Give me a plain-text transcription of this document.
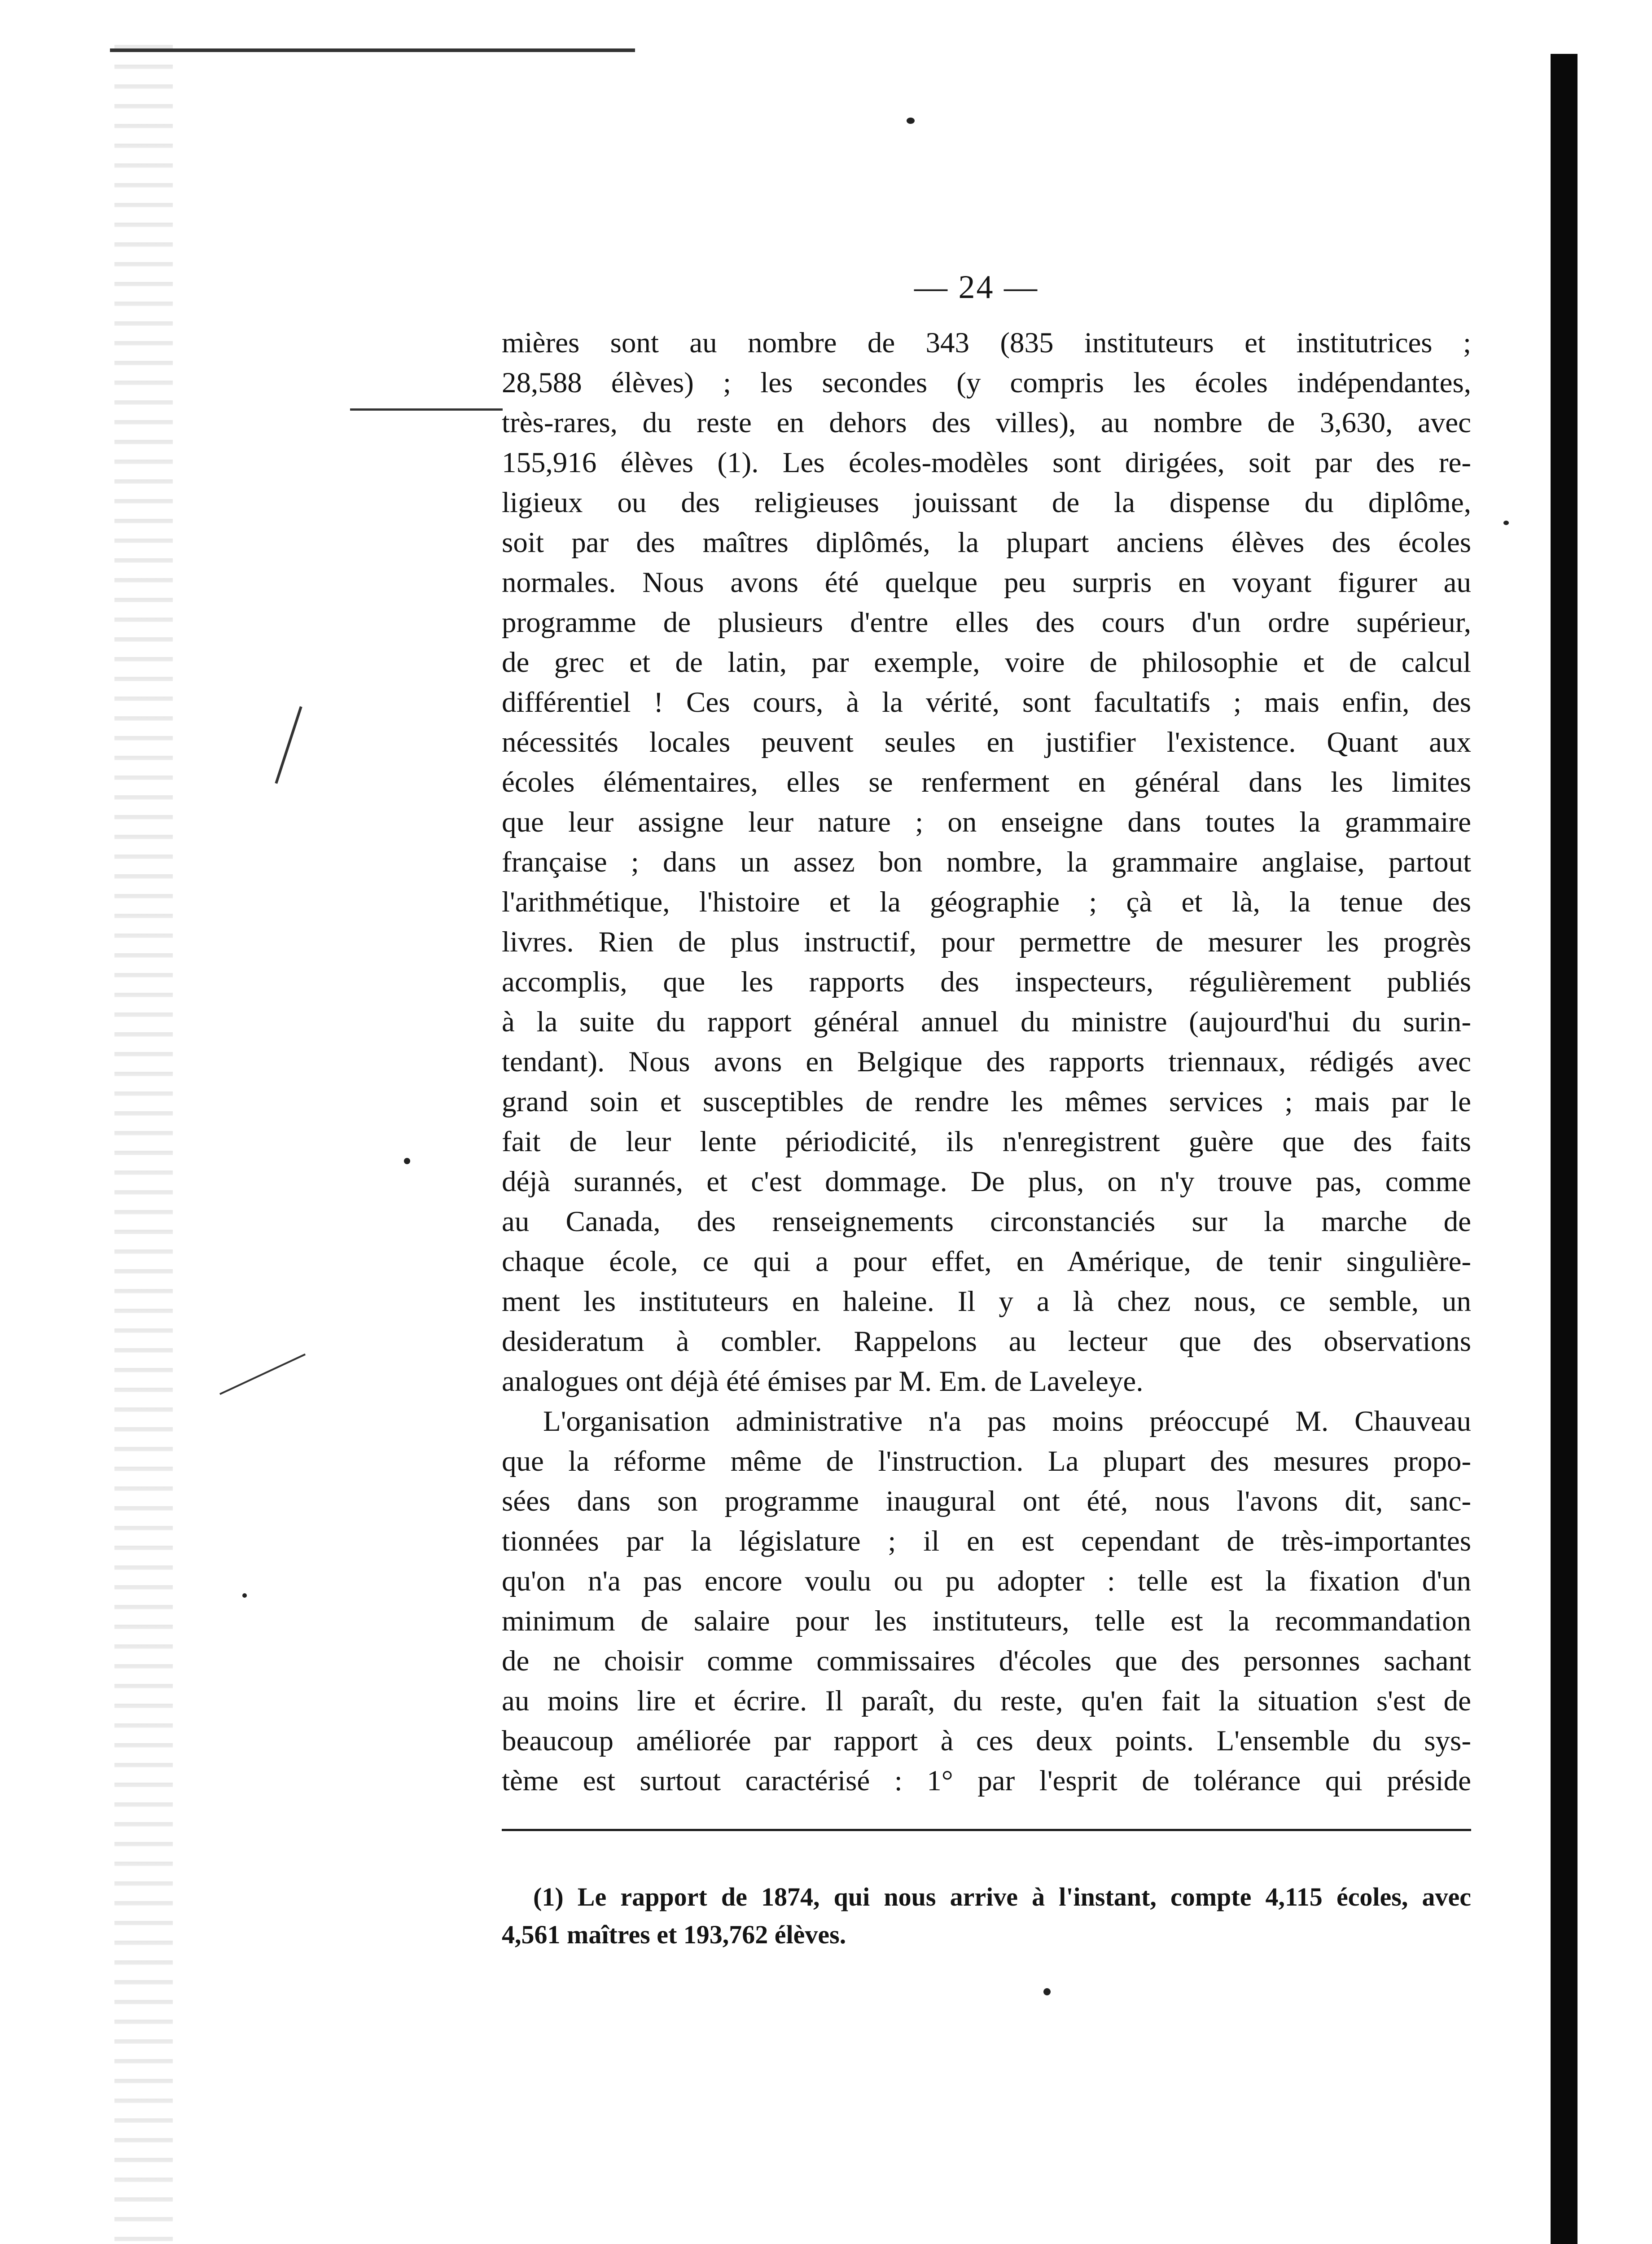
— 24 —
mières sont au nombre de 343 (835 instituteurs et institutrices ;
28,588 élèves) ; les secondes (y compris les écoles indépendantes,
très-rares, du reste en dehors des villes), au nombre de 3,630, avec
155,916 élèves (1). Les écoles-modèles sont dirigées, soit par des re-
ligieux ou des religieuses jouissant de la dispense du diplôme,
soit par des maîtres diplômés, la plupart anciens élèves des écoles
normales. Nous avons été quelque peu surpris en voyant figurer au
programme de plusieurs d'entre elles des cours d'un ordre supérieur,
de grec et de latin, par exemple, voire de philosophie et de calcul
différentiel ! Ces cours, à la vérité, sont facultatifs ; mais enfin, des
nécessités locales peuvent seules en justifier l'existence. Quant aux
écoles élémentaires, elles se renferment en général dans les limites
que leur assigne leur nature ; on enseigne dans toutes la grammaire
française ; dans un assez bon nombre, la grammaire anglaise, partout
l'arithmétique, l'histoire et la géographie ; çà et là, la tenue des
livres. Rien de plus instructif, pour permettre de mesurer les progrès
accomplis, que les rapports des inspecteurs, régulièrement publiés
à la suite du rapport général annuel du ministre (aujourd'hui du surin-
tendant). Nous avons en Belgique des rapports triennaux, rédigés avec
grand soin et susceptibles de rendre les mêmes services ; mais par le
fait de leur lente périodicité, ils n'enregistrent guère que des faits
déjà surannés, et c'est dommage. De plus, on n'y trouve pas, comme
au Canada, des renseignements circonstanciés sur la marche de
chaque école, ce qui a pour effet, en Amérique, de tenir singulière-
ment les instituteurs en haleine. Il y a là chez nous, ce semble, un
desideratum à combler. Rappelons au lecteur que des observations
analogues ont déjà été émises par M. Em. de Laveleye.
L'organisation administrative n'a pas moins préoccupé M. Chauveau
que la réforme même de l'instruction. La plupart des mesures propo-
sées dans son programme inaugural ont été, nous l'avons dit, sanc-
tionnées par la législature ; il en est cependant de très-importantes
qu'on n'a pas encore voulu ou pu adopter : telle est la fixation d'un
minimum de salaire pour les instituteurs, telle est la recommandation
de ne choisir comme commissaires d'écoles que des personnes sachant
au moins lire et écrire. Il paraît, du reste, qu'en fait la situation s'est de
beaucoup améliorée par rapport à ces deux points. L'ensemble du sys-
tème est surtout caractérisé : 1° par l'esprit de tolérance qui préside
(1) Le rapport de 1874, qui nous arrive à l'instant, compte 4,115 écoles, avec
4,561 maîtres et 193,762 élèves.
